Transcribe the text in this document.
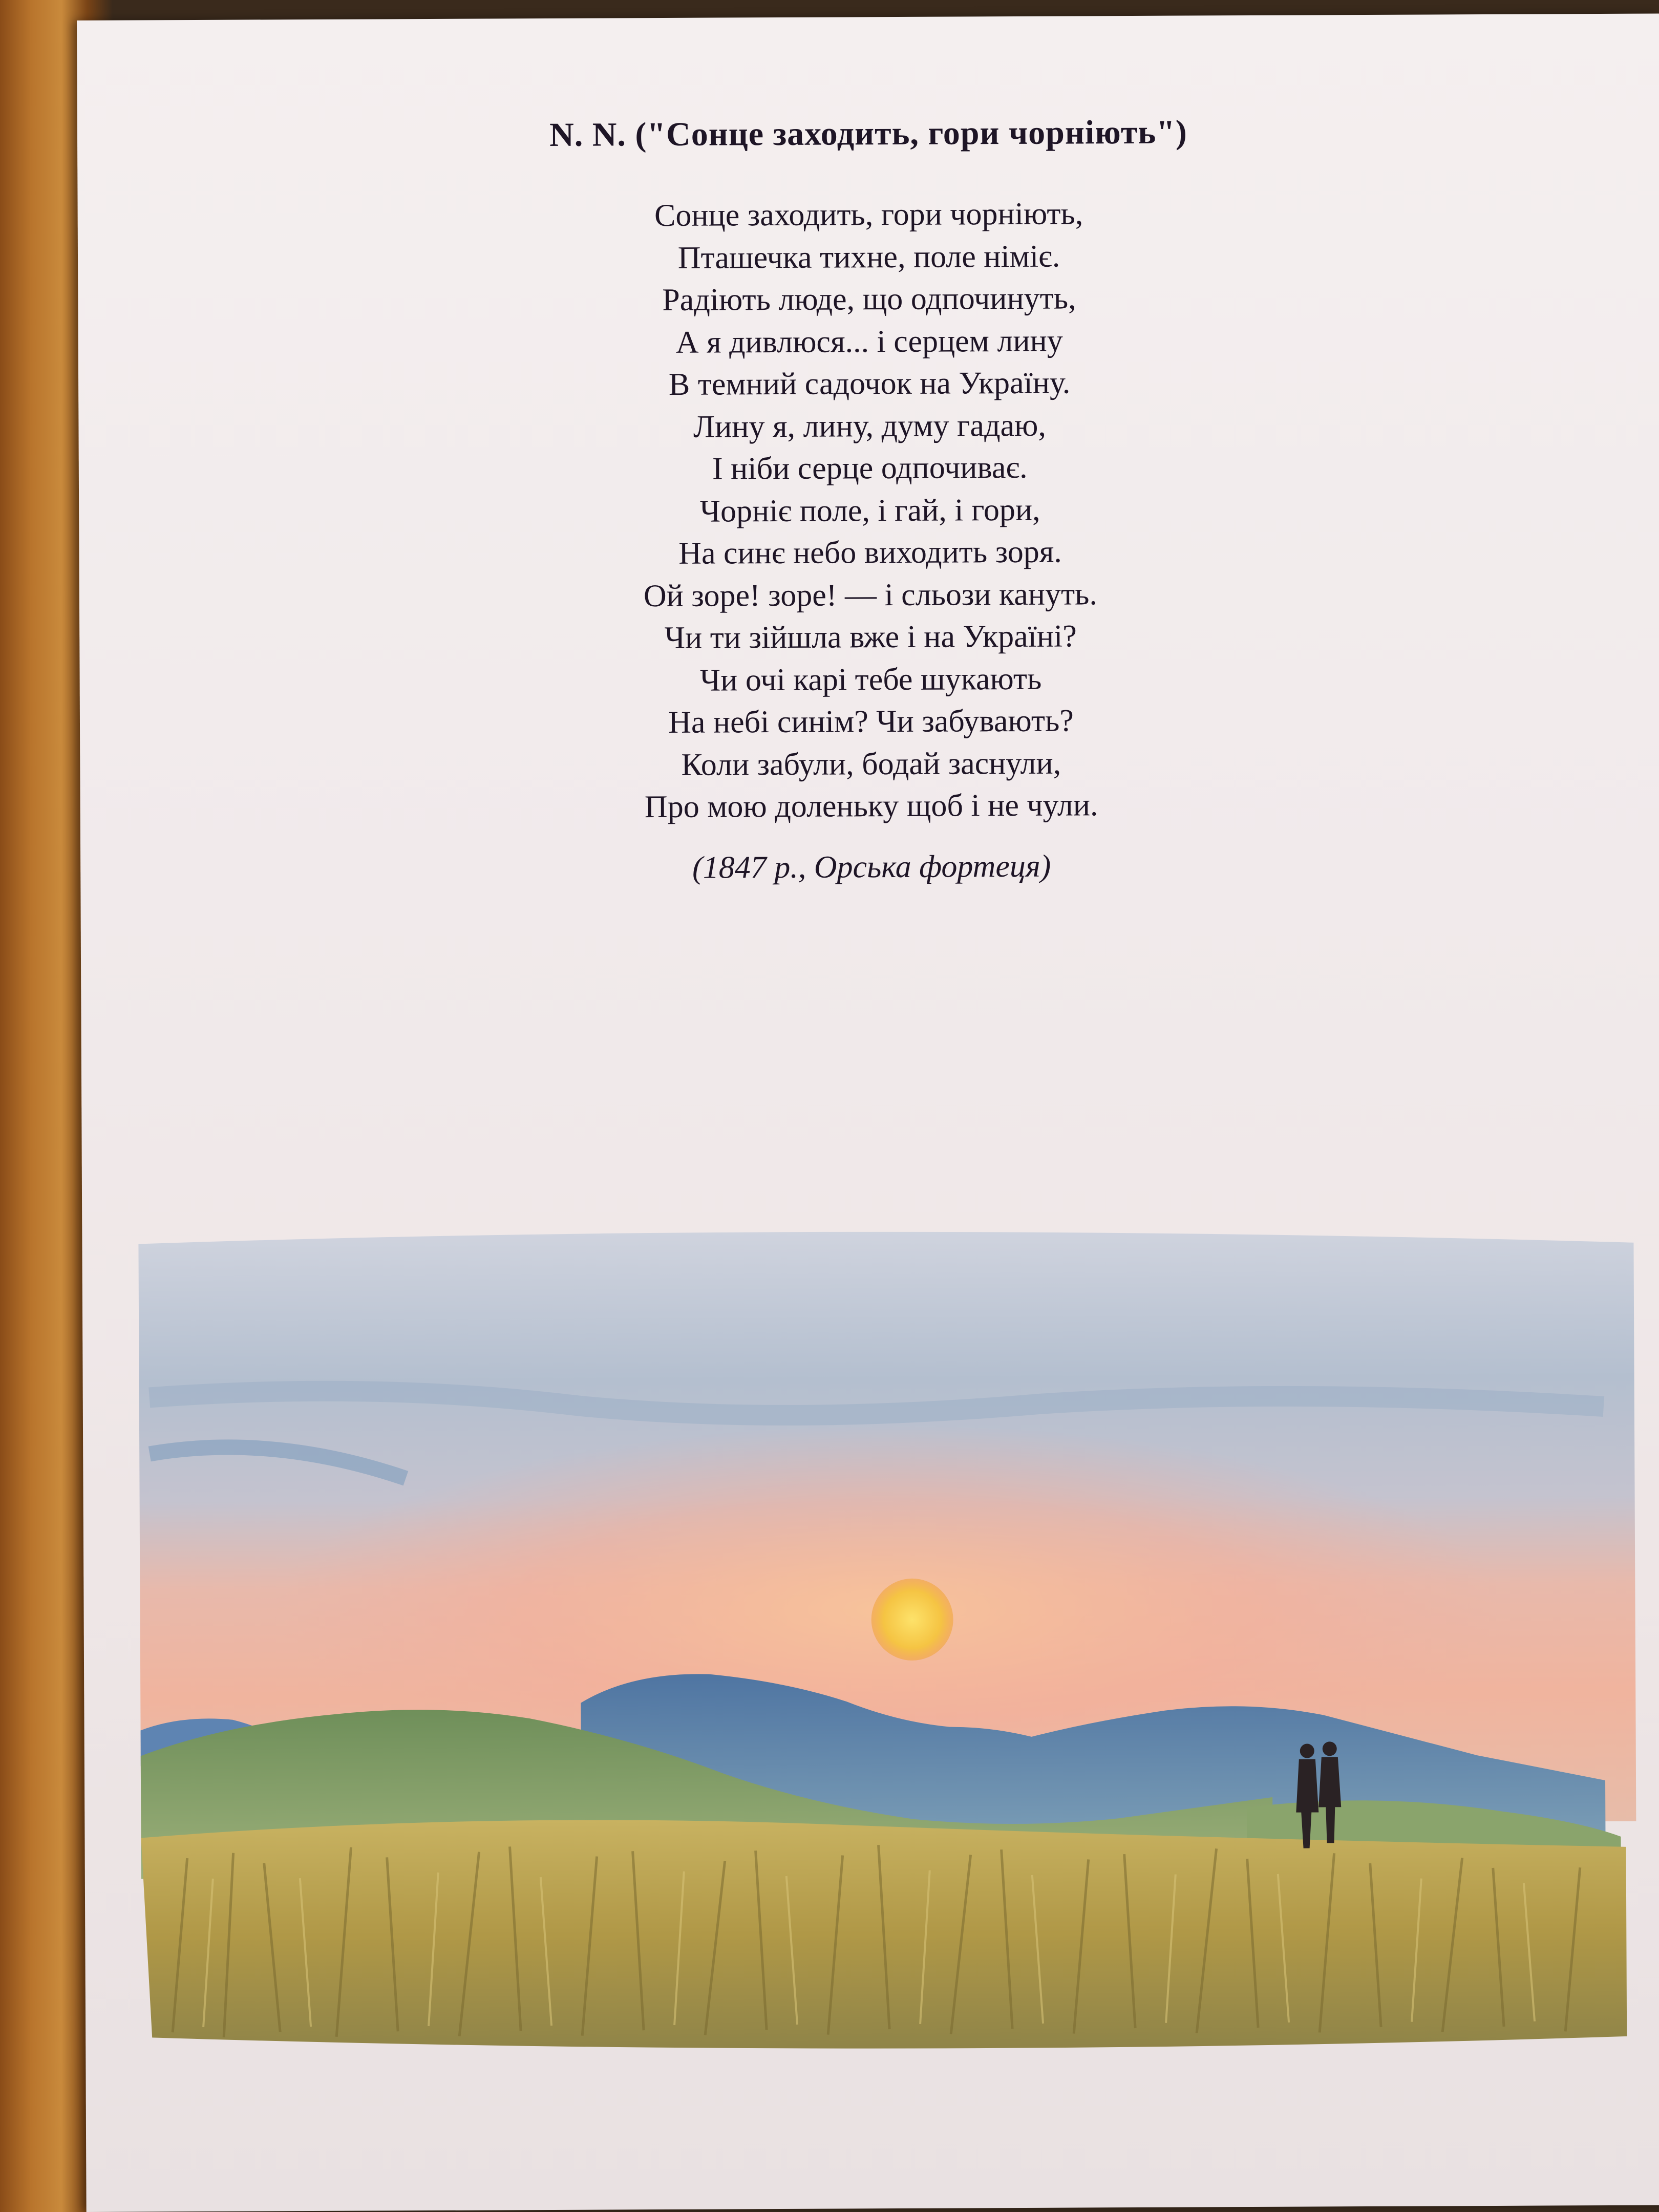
N. N. ("Сонце заходить, гори чорніють")
Сонце заходить, гори чорніють,
Пташечка тихне, поле німіє.
Радіють люде, що одпочинуть,
А я дивлюся... і серцем лину
В темний садочок на Україну.
Лину я, лину, думу гадаю,
І ніби серце одпочиває.
Чорніє поле, і гай, і гори,
На синє небо виходить зоря.
Ой зоре! зоре! — і сльози кануть.
Чи ти зійшла вже і на Україні?
Чи очі карі тебе шукають
На небі синім? Чи забувають?
Коли забули, бодай заснули,
Про мою доленьку щоб і не чули.
(1847 р., Орська фортеця)
